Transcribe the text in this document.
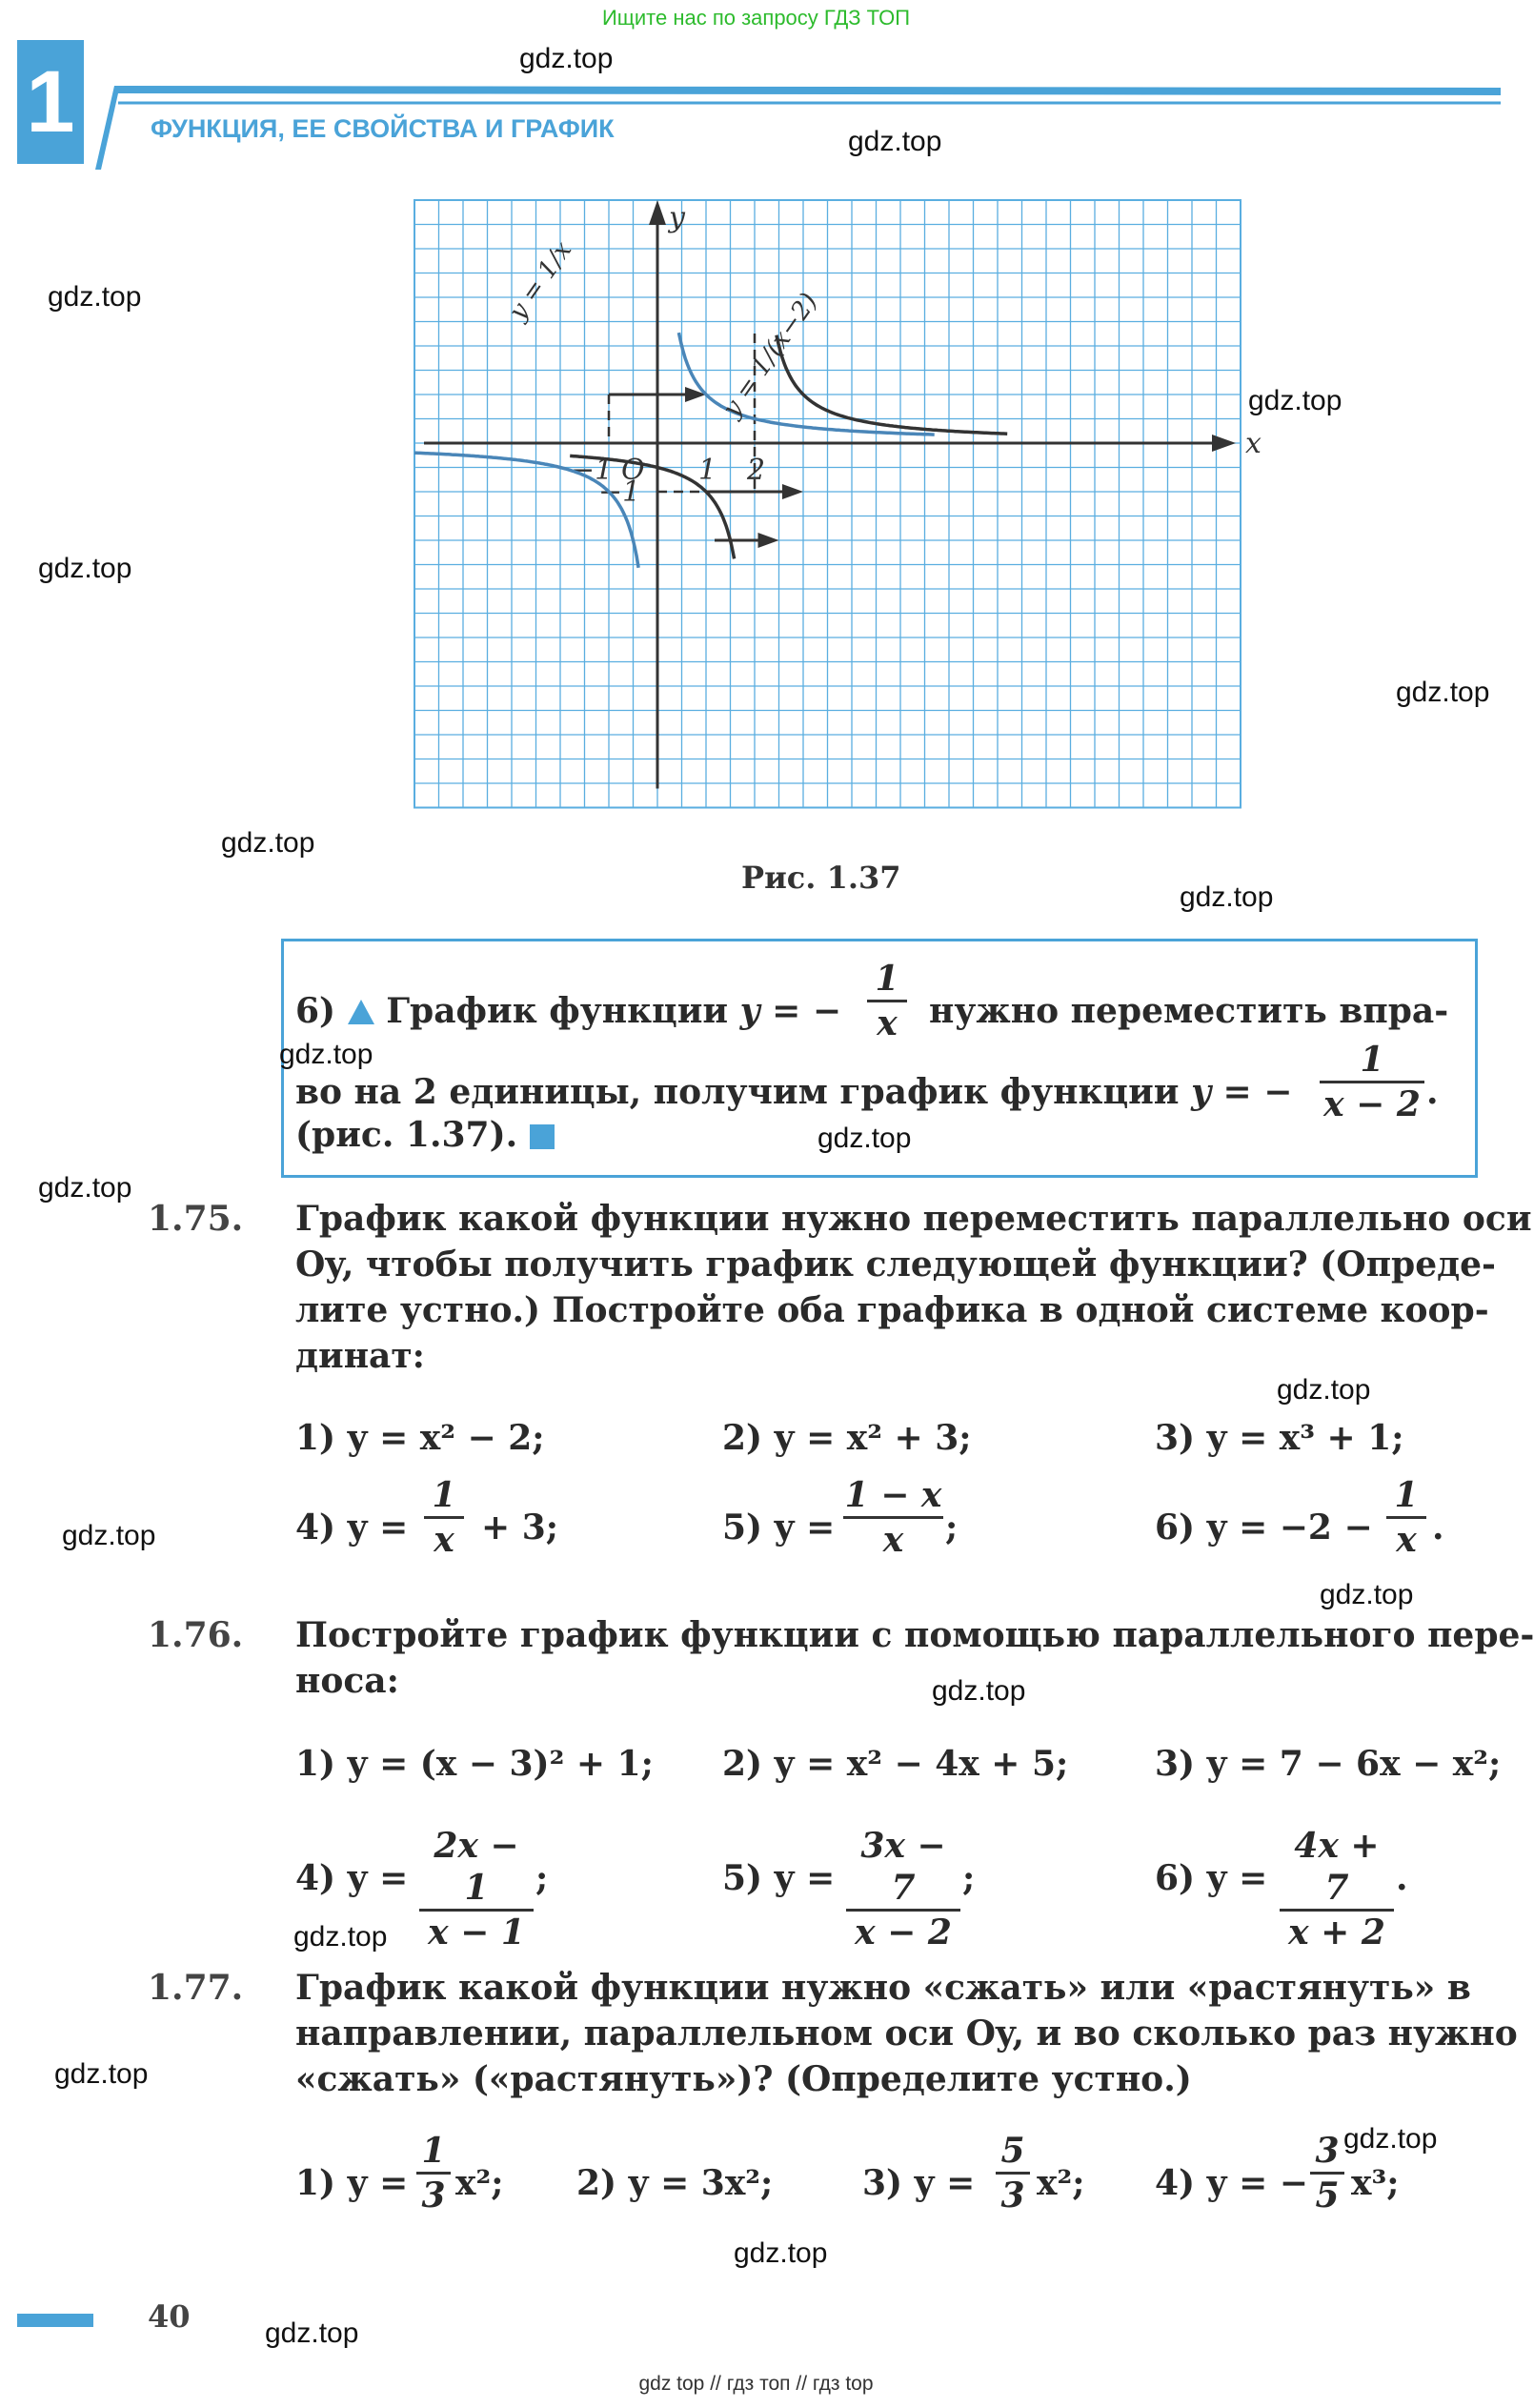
Ищите нас по запросу ГДЗ ТОП
gdz top // гдз топ // гдз top
1	ФУНКЦИЯ, ЕЕ СВОЙСТВА И ГРАФИК
x
y
O
−1	1 2
−1
y = 1/x
y = 1/(x−2)
Рис. 1.37
6) График функции y = − $\frac{1}{x}$ нужно переместить впра-
во на 2 единицы, получим график функции y = − $\frac{1}{x - 2}$ .
(рис. 1.37).
1.75. График какой функции нужно переместить параллельно оси
Oy, чтобы получить график следующей функции? (Опреде-
лите устно.) Постройте оба графика в одной системе коор-
динат:
1) y = x² − 2;	2) y = x² + 3;	3) y = x³ + 1;
4) $y = \frac{1}{x} + 3$;	5) $y = \frac{1 - x}{x}$ ;	6) $y = -2 - \frac{1}{x}$ .
1.76. Постройте график функции с помощью параллельного пере-
носа:
1) y = (x − 3)² + 1; 2) y = x² − 4x + 5;	3) y = 7 − 6x − x²;
4) $y = \frac{2x - 1}{x - 1}$ ;	5) $y = \frac{3x - 7}{x - 2}$ ;	6) $y = \frac{4x + 7}{x + 2}$ .
1.77. График какой функции нужно «сжать» или «растянуть» в
направлении, параллельном оси Oy, и во сколько раз нужно
«сжать» («растянуть»)? (Определите устно.)
1) $y = \frac{1}{3} x^2$; 2) y = 3x²;	3) $y = \frac{5}{3} x^2$; 4) y = − $\frac{3}{5} x^3$;
40
gdz.top
gdz.top
gdz.top
gdz.top
gdz.top
gdz.top
gdz.top
gdz.top
gdz.top
gdz.top
gdz.top
gdz.top
gdz.top
gdz.top
gdz.top
gdz.top
gdz.top
gdz.top
gdz.top
gdz.top
